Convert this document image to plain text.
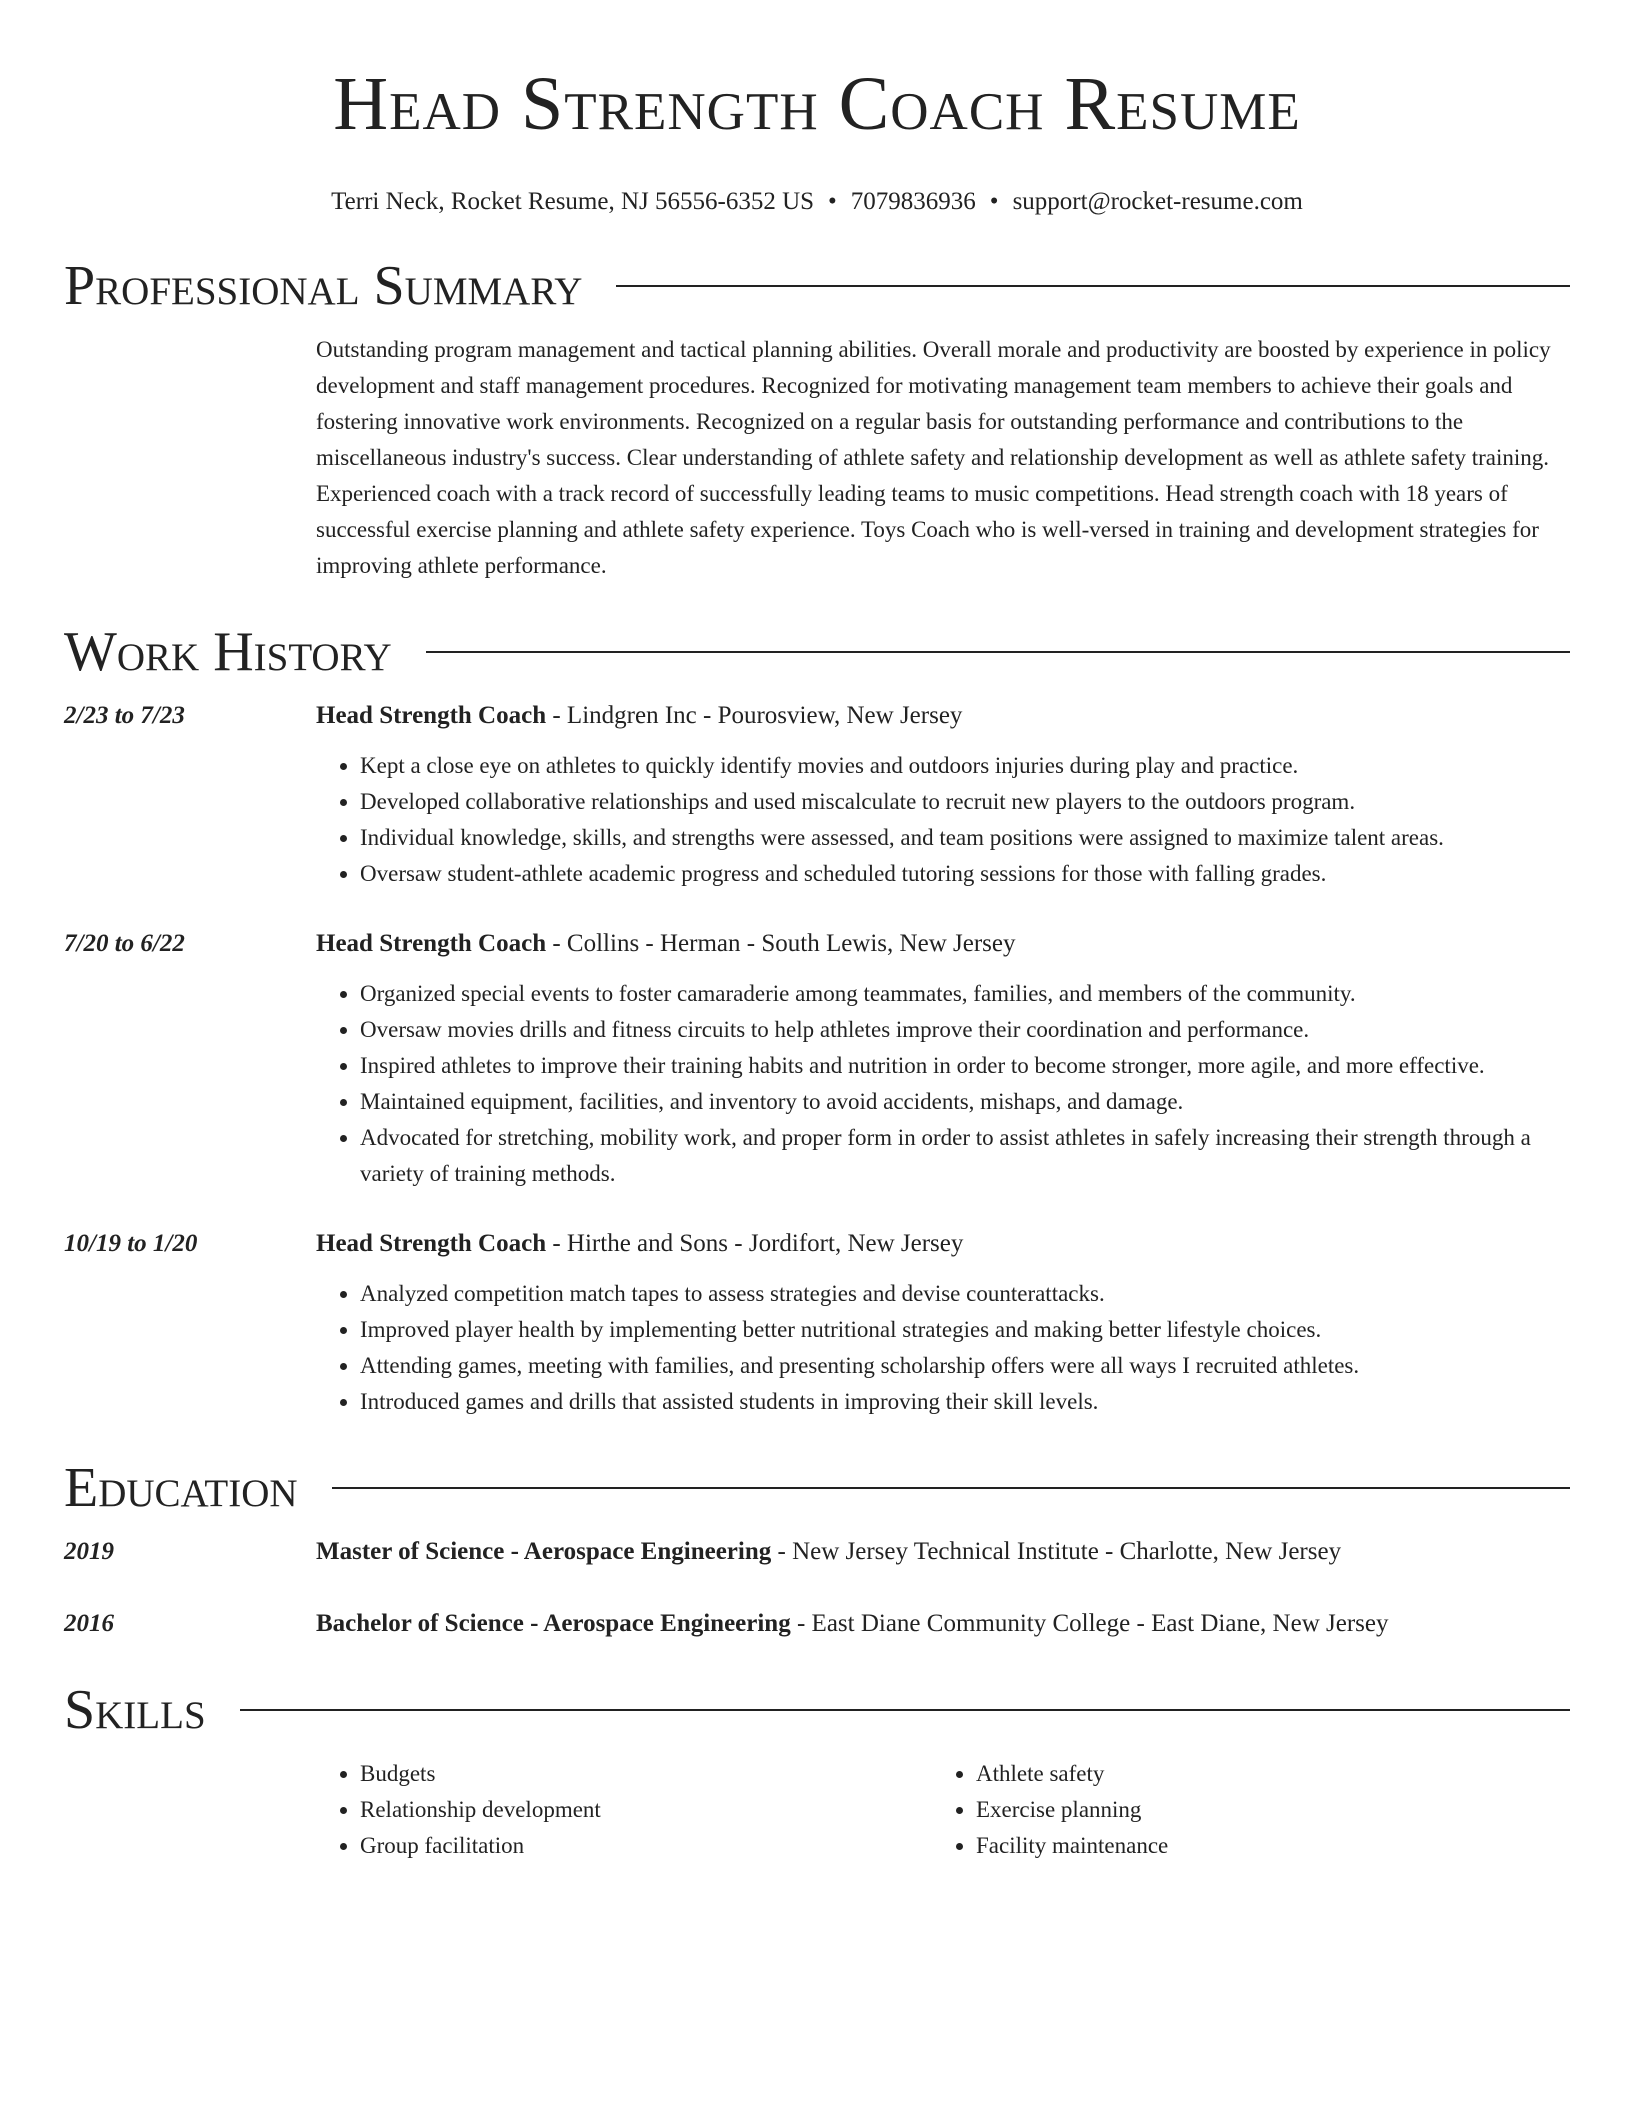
Head Strength Coach Resume
Terri Neck, Rocket Resume, NJ 56556-6352 US • 7079836936 • support@rocket-resume.com
Professional Summary
Outstanding program management and tactical planning abilities. Overall morale and productivity are boosted by experience in policy development and staff management procedures. Recognized for motivating management team members to achieve their goals and fostering innovative work environments. Recognized on a regular basis for outstanding performance and contributions to the miscellaneous industry's success. Clear understanding of athlete safety and relationship development as well as athlete safety training. Experienced coach with a track record of successfully leading teams to music competitions. Head strength coach with 18 years of successful exercise planning and athlete safety experience. Toys Coach who is well-versed in training and development strategies for improving athlete performance.
Work History
2/23 to 7/23	Head Strength Coach - Lindgren Inc - Pourosview, New Jersey
• Kept a close eye on athletes to quickly identify movies and outdoors injuries during play and practice.
• Developed collaborative relationships and used miscalculate to recruit new players to the outdoors program.
• Individual knowledge, skills, and strengths were assessed, and team positions were assigned to maximize talent areas.
• Oversaw student-athlete academic progress and scheduled tutoring sessions for those with falling grades.
7/20 to 6/22	Head Strength Coach - Collins - Herman - South Lewis, New Jersey
• Organized special events to foster camaraderie among teammates, families, and members of the community.
• Oversaw movies drills and fitness circuits to help athletes improve their coordination and performance.
• Inspired athletes to improve their training habits and nutrition in order to become stronger, more agile, and more effective.
• Maintained equipment, facilities, and inventory to avoid accidents, mishaps, and damage.
• Advocated for stretching, mobility work, and proper form in order to assist athletes in safely increasing their strength through a variety of training methods.
10/19 to 1/20	Head Strength Coach - Hirthe and Sons - Jordifort, New Jersey
• Analyzed competition match tapes to assess strategies and devise counterattacks.
• Improved player health by implementing better nutritional strategies and making better lifestyle choices.
• Attending games, meeting with families, and presenting scholarship offers were all ways I recruited athletes.
• Introduced games and drills that assisted students in improving their skill levels.
Education
2019	Master of Science - Aerospace Engineering - New Jersey Technical Institute - Charlotte, New Jersey
2016	Bachelor of Science - Aerospace Engineering - East Diane Community College - East Diane, New Jersey
Skills
• Budgets
• Relationship development
• Group facilitation
• Athlete safety
• Exercise planning
• Facility maintenance
